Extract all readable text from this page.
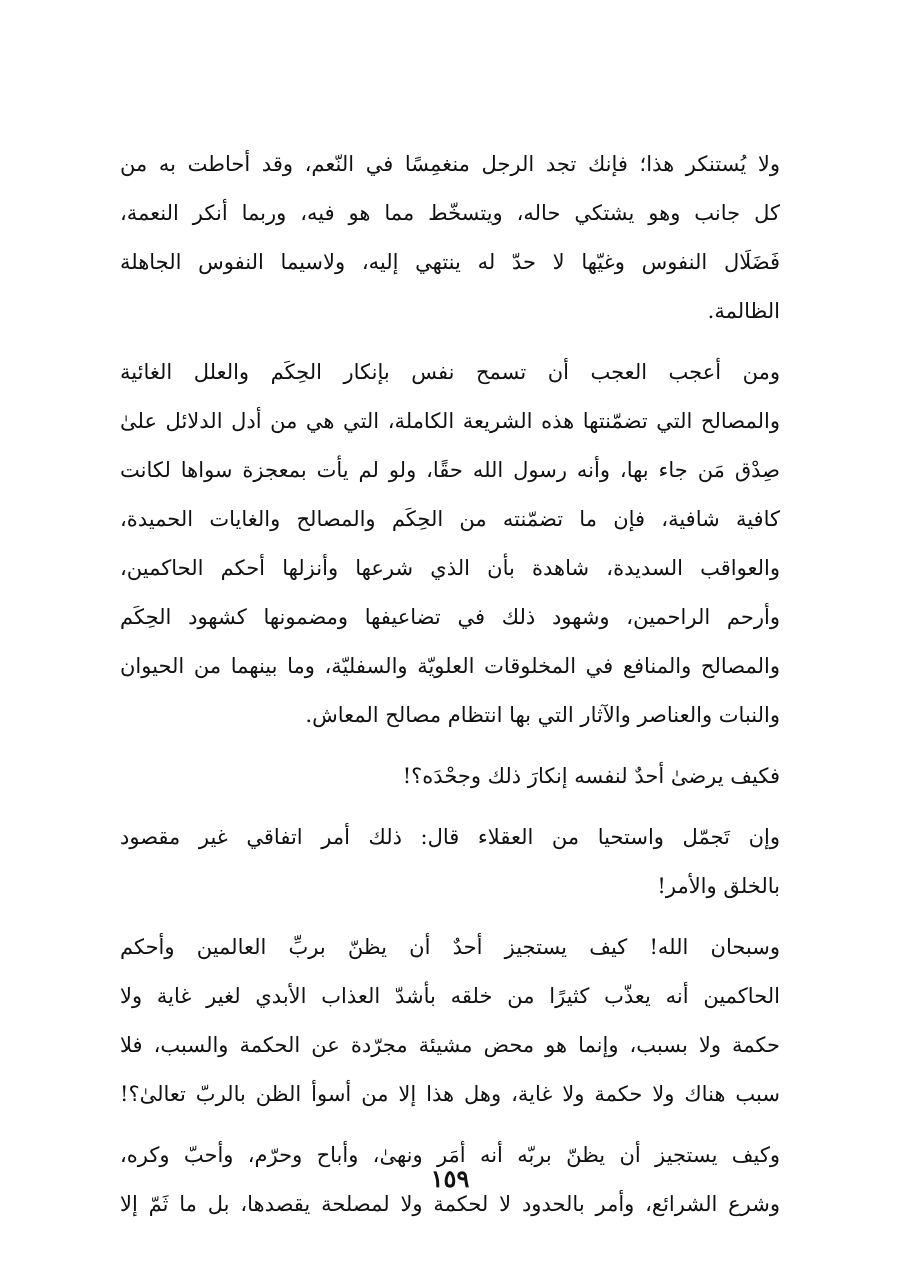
ولا يُستنكر هذا؛ فإنك تجد الرجل منغمِسًا في النّعم، وقد أحاطت به من
كل جانب وهو يشتكي حاله، ويتسخّط مما هو فيه، وربما أنكر النعمة،
فَضَلَال النفوس وغيّها لا حدّ له ينتهي إليه، ولاسيما النفوس الجاهلة
الظالمة.
ومن أعجب العجب أن تسمح نفس بإنكار الحِكَم والعلل الغائية
والمصالح التي تضمّنتها هذه الشريعة الكاملة، التي هي من أدل الدلائل علىٰ
صِدْق مَن جاء بها، وأنه رسول الله حقًا، ولو لم يأت بمعجزة سواها لكانت
كافية شافية، فإن ما تضمّنته من الحِكَم والمصالح والغايات الحميدة،
والعواقب السديدة، شاهدة بأن الذي شرعها وأنزلها أحكم الحاكمين،
وأرحم الراحمين، وشهود ذلك في تضاعيفها ومضمونها كشهود الحِكَم
والمصالح والمنافع في المخلوقات العلويّة والسفليّة، وما بينهما من الحيوان
والنبات والعناصر والآثار التي بها انتظام مصالح المعاش.
فكيف يرضىٰ أحدٌ لنفسه إنكارَ ذلك وجحْدَه؟!
وإن تَجمّل واستحيا من العقلاء قال: ذلك أمر اتفاقي غير مقصود
بالخلق والأمر!
وسبحان الله! كيف يستجيز أحدٌ أن يظنّ بربِّ العالمين وأحكم
الحاكمين أنه يعذّب كثيرًا من خلقه بأشدّ العذاب الأبدي لغير غاية ولا
حكمة ولا بسبب، وإنما هو محض مشيئة مجرّدة عن الحكمة والسبب، فلا
سبب هناك ولا حكمة ولا غاية، وهل هذا إلا من أسوأ الظن بالربّ تعالىٰ؟!
وكيف يستجيز أن يظنّ بربّه أنه أمَر ونهىٰ، وأباح وحرّم، وأحبّ وكره،
وشرع الشرائع، وأمر بالحدود لا لحكمة ولا لمصلحة يقصدها، بل ما ثَمّ إلا
١٥٩
